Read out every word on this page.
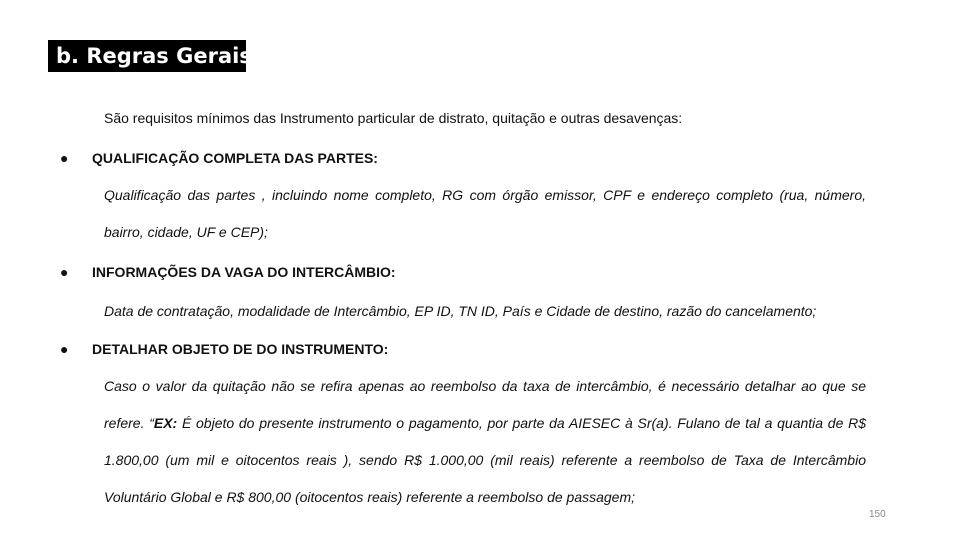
b. Regras Gerais
São requisitos mínimos das Instrumento particular de distrato, quitação e outras desavenças:
● QUALIFICAÇÃO COMPLETA DAS PARTES:
Qualificação das partes , incluindo nome completo, RG com órgão emissor, CPF e endereço completo (rua, número, bairro, cidade, UF e CEP);
● INFORMAÇÕES DA VAGA DO INTERCÂMBIO:
Data de contratação, modalidade de Intercâmbio, EP ID, TN ID, País e Cidade de destino, razão do cancelamento;
● DETALHAR OBJETO DE DO INSTRUMENTO:
Caso o valor da quitação não se refira apenas ao reembolso da taxa de intercâmbio, é necessário detalhar ao que se refere. “EX: É objeto do presente instrumento o pagamento, por parte da AIESEC à Sr(a). Fulano de tal a quantia de R$ 1.800,00 (um mil e oitocentos reais ), sendo R$ 1.000,00 (mil reais) referente a reembolso de Taxa de Intercâmbio Voluntário Global e R$ 800,00 (oitocentos reais) referente a reembolso de passagem;
150
